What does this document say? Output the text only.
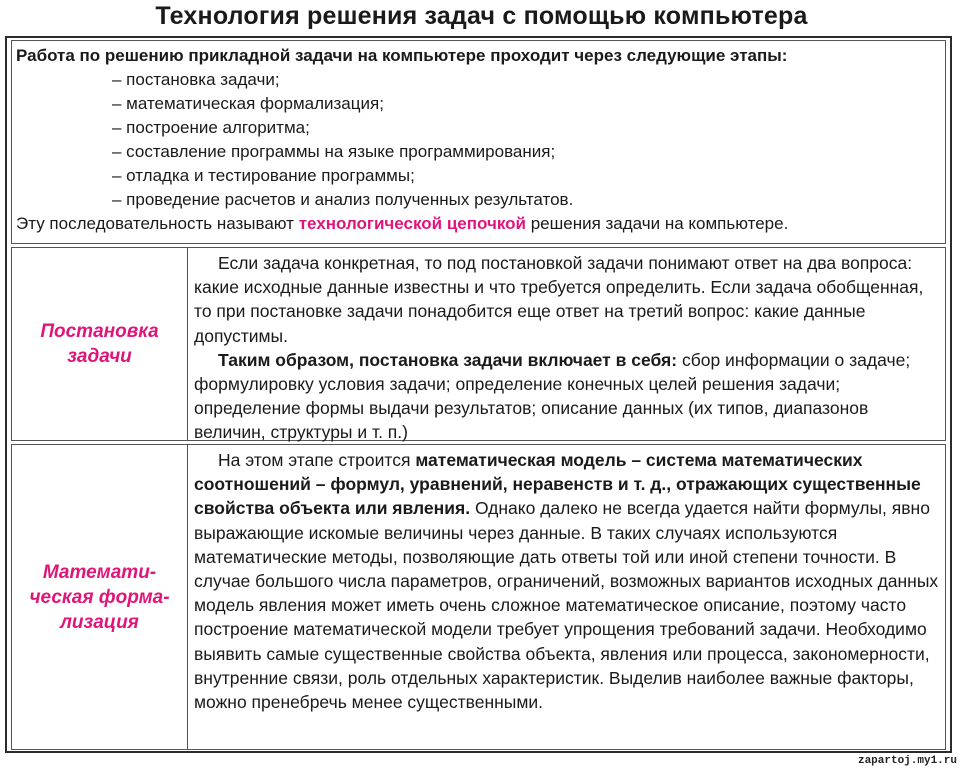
Технология решения задач с помощью компьютера
Работа по решению прикладной задачи на компьютере проходит через следующие этапы:
– постановка задачи;
– математическая формализация;
– построение алгоритма;
– составление программы на языке программирования;
– отладка и тестирование программы;
– проведение расчетов и анализ полученных результатов.
Эту последовательность называют технологической цепочкой решения задачи на компьютере.
Постановка
задачи

Если задача конкретная, то под постановкой задачи понимают ответ на два вопроса: какие исходные данные известны и что требуется определить. Если задача обобщенная, то при постановке задачи понадобится еще ответ на третий вопрос: какие данные допустимы.

Таким образом, постановка задачи включает в себя: сбор информации о задаче; формулировку условия задачи; определение конечных целей решения задачи; определение формы выдачи результатов; описание данных (их типов, диапазонов величин, структуры и т. п.)

Математи-
ческая форма-
лизация

На этом этапе строится математическая модель – система математических соотношений – формул, уравнений, неравенств и т. д., отражающих существенные свойства объекта или явления. Однако далеко не всегда удается найти формулы, явно выражающие искомые величины через данные. В таких случаях используются математические методы, позволяющие дать ответы той или иной степени точности. В случае большого числа параметров, ограничений, возможных вариантов исходных данных модель явления может иметь очень сложное математическое описание, поэтому часто построение математической модели требует упрощения требований задачи. Необходимо выявить самые существенные свойства объекта, явления или процесса, закономерности, внутренние связи, роль отдельных характеристик. Выделив наиболее важные факторы, можно пренебречь менее существенными.

zapartoj.my1.ru
